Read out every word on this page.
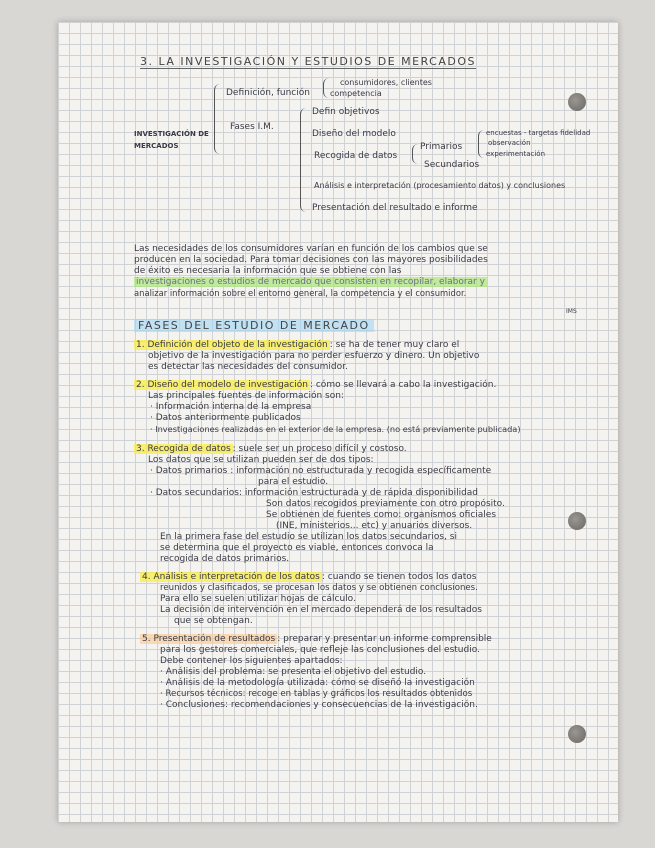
3. LA INVESTIGACIÓN Y ESTUDIOS DE MERCADOS
INVESTIGACIÓN DE MERCADOS
Definición, función
consumidores, clientes
competencia
Fases I.M.
Defin objetivos
Diseño del modelo
Recogida de datos
Primarios
Secundarios
encuestas - targetas fidelidad
observación
experimentación
Análisis e interpretación (procesamiento datos) y conclusiones
Presentación del resultado e informe
Las necesidades de los consumidores varían en función de los cambios que se
producen en la sociedad. Para tomar decisiones con las mayores posibilidades
de éxito es necesaria la información que se obtiene con las
investigaciones o estudios de mercado que consisten en recopilar, elaborar y
analizar información sobre el entorno general, la competencia y el consumidor.
IMS
FASES DEL ESTUDIO DE MERCADO
1. Definición del objeto de la investigación : se ha de tener muy claro el
objetivo de la investigación para no perder esfuerzo y dinero. Un objetivo
es detectar las necesidades del consumidor.
2. Diseño del modelo de investigación : cómo se llevará a cabo la investigación.
Las principales fuentes de información son:
· Información interna de la empresa
· Datos anteriormente publicados
· Investigaciones realizadas en el exterior de la empresa. (no está previamente publicada)
3. Recogida de datos : suele ser un proceso difícil y costoso.
Los datos que se utilizan pueden ser de dos tipos:
· Datos primarios : información no estructurada y recogida específicamente
para el estudio.
· Datos secundarios: información estructurada y de rápida disponibilidad
Son datos recogidos previamente con otro propósito.
Se obtienen de fuentes como: organismos oficiales
(INE, ministerios... etc) y anuarios diversos.
En la primera fase del estudio se utilizan los datos secundarios, si
se determina que el proyecto es viable, entonces convoca la
recogida de datos primarios.
4. Análisis e interpretación de los datos : cuando se tienen todos los datos
reunidos y clasificados, se procesan los datos y se obtienen conclusiones.
Para ello se suelen utilizar hojas de cálculo.
La decisión de intervención en el mercado dependerá de los resultados
que se obtengan.
5. Presentación de resultados : preparar y presentar un informe comprensible
para los gestores comerciales, que refleje las conclusiones del estudio.
Debe contener los siguientes apartados:
· Análisis del problema: se presenta el objetivo del estudio.
· Análisis de la metodología utilizada: cómo se diseñó la investigación
· Recursos técnicos: recoge en tablas y gráficos los resultados obtenidos
· Conclusiones: recomendaciones y consecuencias de la investigación.
